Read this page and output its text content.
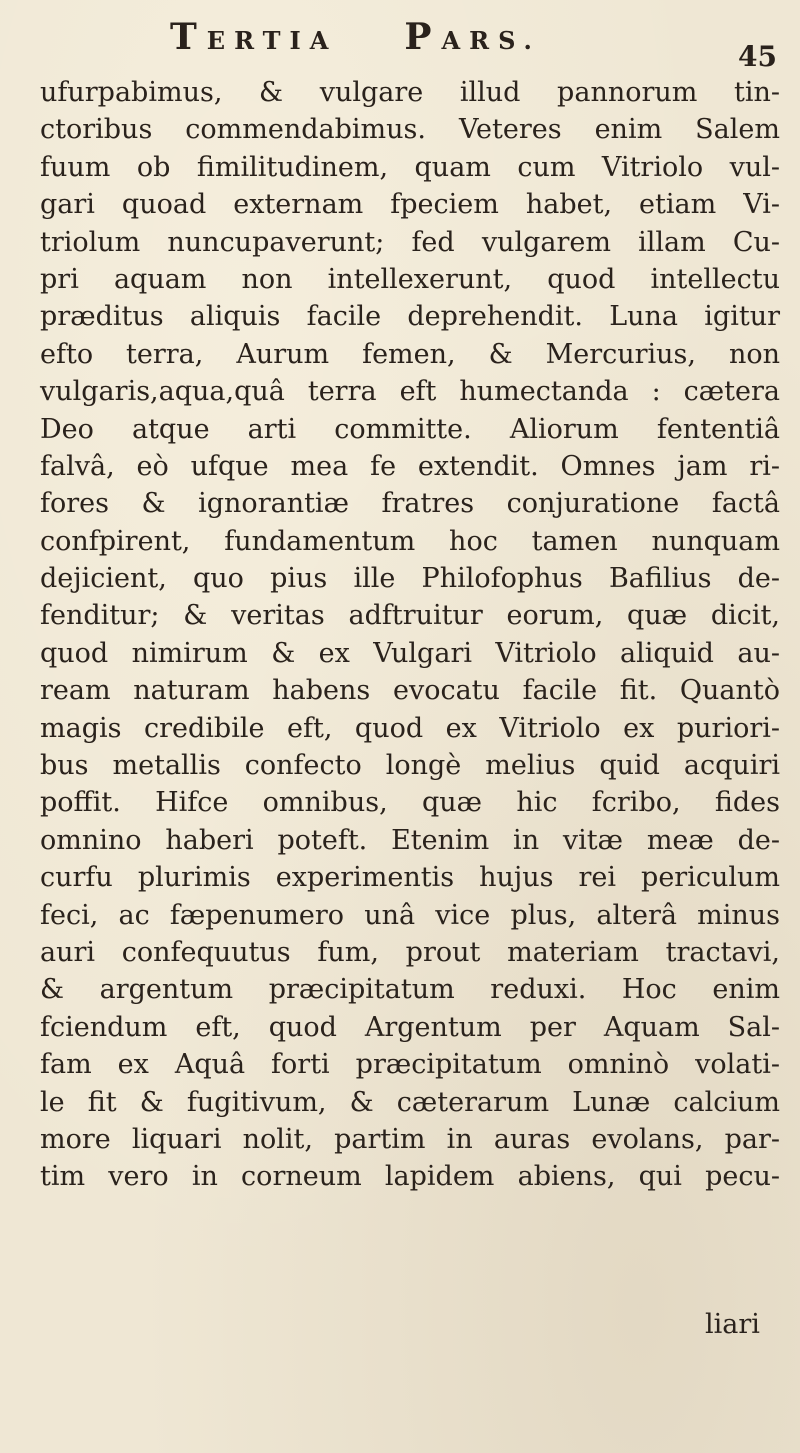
TERTIA PARS.	45
ufurpabimus, & vulgare illud pannorum tin-
ctoribus commendabimus. Veteres enim Salem
fuum ob fimilitudinem, quam cum Vitriolo vul-
gari quoad externam fpeciem habet, etiam Vi-
triolum nuncupaverunt; fed vulgarem illam Cu-
pri aquam non intellexerunt, quod intellectu
præditus aliquis facile deprehendit. Luna igitur
efto terra, Aurum femen, & Mercurius, non
vulgaris,aqua,quâ terra eft humectanda : cætera
Deo atque arti committe. Aliorum fententiâ
falvâ, eò ufque mea fe extendit. Omnes jam ri-
fores & ignorantiæ fratres conjuratione factâ
confpirent, fundamentum hoc tamen nunquam
dejicient, quo pius ille Philofophus Bafilius de-
fenditur; & veritas adftruitur eorum, quæ dicit,
quod nimirum & ex Vulgari Vitriolo aliquid au-
ream naturam habens evocatu facile fit. Quantò
magis credibile eft, quod ex Vitriolo ex puriori-
bus metallis confecto longè melius quid acquiri
poffit. Hifce omnibus, quæ hic fcribo, fides
omnino haberi poteft. Etenim in vitæ meæ de-
curfu plurimis experimentis hujus rei periculum
feci, ac fæpenumero unâ vice plus, alterâ minus
auri confequutus fum, prout materiam tractavi,
& argentum præcipitatum reduxi. Hoc enim
fciendum eft, quod Argentum per Aquam Sal-
fam ex Aquâ forti præcipitatum omninò volati-
le fit & fugitivum, & cæterarum Lunæ calcium
more liquari nolit, partim in auras evolans, par-
tim vero in corneum lapidem abiens, qui pecu-
liari
